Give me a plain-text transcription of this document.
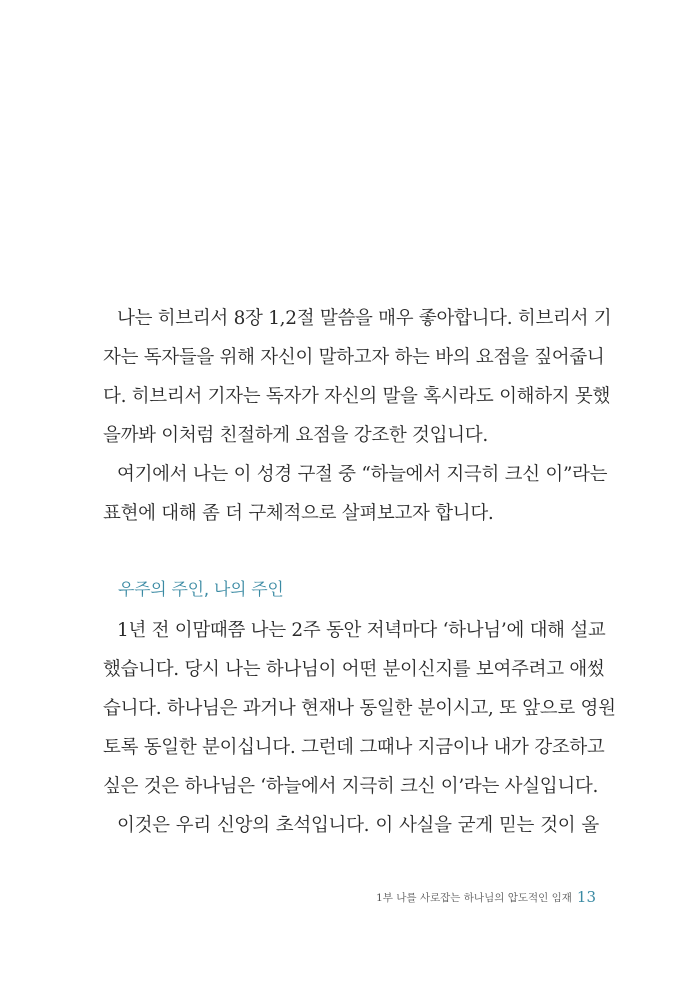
나는 히브리서 8장 1,2절 말씀을 매우 좋아합니다. 히브리서 기
자는 독자들을 위해 자신이 말하고자 하는 바의 요점을 짚어줍니
다. 히브리서 기자는 독자가 자신의 말을 혹시라도 이해하지 못했
을까봐 이처럼 친절하게 요점을 강조한 것입니다.
여기에서 나는 이 성경 구절 중 “하늘에서 지극히 크신 이”라는
표현에 대해 좀 더 구체적으로 살펴보고자 합니다.
우주의 주인, 나의 주인
1년 전 이맘때쯤 나는 2주 동안 저녁마다 ‘하나님’에 대해 설교
했습니다. 당시 나는 하나님이 어떤 분이신지를 보여주려고 애썼
습니다. 하나님은 과거나 현재나 동일한 분이시고, 또 앞으로 영원
토록 동일한 분이십니다. 그런데 그때나 지금이나 내가 강조하고
싶은 것은 하나님은 ‘하늘에서 지극히 크신 이’라는 사실입니다.
이것은 우리 신앙의 초석입니다. 이 사실을 굳게 믿는 것이 올
1부 나를 사로잡는 하나님의 압도적인 임재 13
